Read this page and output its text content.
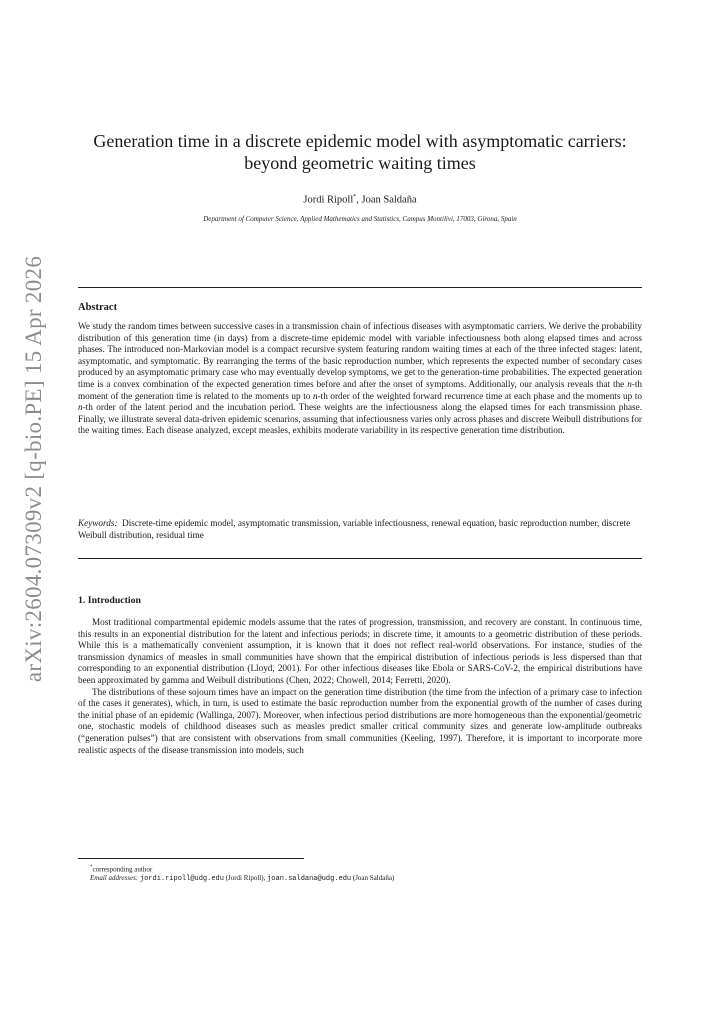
arXiv:2604.07309v2 [q-bio.PE] 15 Apr 2026
Generation time in a discrete epidemic model with asymptomatic carriers:
beyond geometric waiting times
Jordi Ripoll*, Joan Saldaña
Department of Computer Science, Applied Mathematics and Statistics, Campus Montilivi, 17003, Girona, Spain
Abstract

We study the random times between successive cases in a transmission chain of infectious diseases with asymptomatic carriers. We derive the probability distribution of this generation time (in days) from a discrete-time epidemic model with variable infectiousness both along elapsed times and across phases. The introduced non-Markovian model is a compact recursive system featuring random waiting times at each of the three infected stages: latent, asymptomatic, and symptomatic. By rearranging the terms of the basic reproduction number, which represents the expected number of secondary cases produced by an asymptomatic primary case who may eventually develop symptoms, we get to the generation-time probabilities. The expected generation time is a convex combination of the expected generation times before and after the onset of symptoms. Additionally, our analysis reveals that the n-th moment of the generation time is related to the moments up to n-th order of the weighted forward recurrence time at each phase and the moments up to n-th order of the latent period and the incubation period. These weights are the infectiousness along the elapsed times for each transmission phase. Finally, we illustrate several data-driven epidemic scenarios, assuming that infectiousness varies only across phases and discrete Weibull distributions for the waiting times. Each disease analyzed, except measles, exhibits moderate variability in its respective generation time distribution.

Keywords: Discrete-time epidemic model, asymptomatic transmission, variable infectiousness, renewal equation, basic reproduction number, discrete Weibull distribution, residual time

1. Introduction

Most traditional compartmental epidemic models assume that the rates of progression, transmission, and recovery are constant. In continuous time, this results in an exponential distribution for the latent and infectious periods; in discrete time, it amounts to a geometric distribution of these periods. While this is a mathematically convenient assumption, it is known that it does not reflect real-world observations. For instance, studies of the transmission dynamics of measles in small communities have shown that the empirical distribution of infectious periods is less dispersed than that corresponding to an exponential distribution (Lloyd, 2001). For other infectious diseases like Ebola or SARS-CoV-2, the empirical distributions have been approximated by gamma and Weibull distributions (Chen, 2022; Chowell, 2014; Ferretti, 2020).

The distributions of these sojourn times have an impact on the generation time distribution (the time from the infection of a primary case to infection of the cases it generates), which, in turn, is used to estimate the basic reproduction number from the exponential growth of the number of cases during the initial phase of an epidemic (Wallinga, 2007). Moreover, when infectious period distributions are more homogeneous than the exponential/geometric one, stochastic models of childhood diseases such as measles predict smaller critical community sizes and generate low-amplitude outbreaks (“generation pulses”) that are consistent with observations from small communities (Keeling, 1997). Therefore, it is important to incorporate more realistic aspects of the disease transmission into models, such

*corresponding author
Email addresses: jordi.ripoll@udg.edu (Jordi Ripoll), joan.saldana@udg.edu (Joan Saldaña)
